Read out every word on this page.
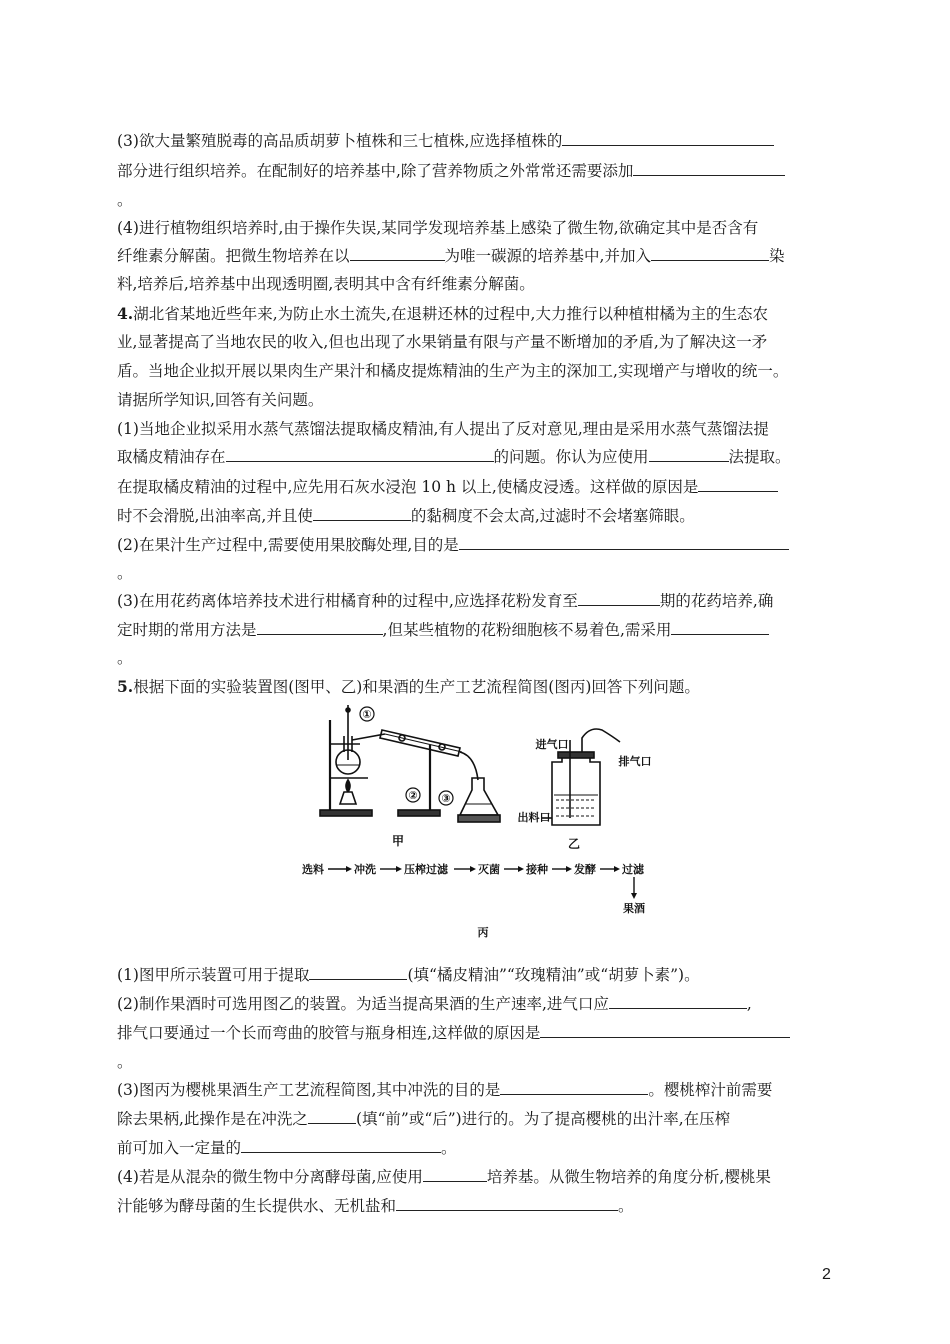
(3)欲大量繁殖脱毒的高品质胡萝卜植株和三七植株,应选择植株的
部分进行组织培养。在配制好的培养基中,除了营养物质之外常常还需要添加
。
(4)进行植物组织培养时,由于操作失误,某同学发现培养基上感染了微生物,欲确定其中是否含有
纤维素分解菌。把微生物培养在以	为唯一碳源的培养基中,并加入	染
料,培养后,培养基中出现透明圈,表明其中含有纤维素分解菌。
4.湖北省某地近些年来,为防止水土流失,在退耕还林的过程中,大力推行以种植柑橘为主的生态农
业,显著提高了当地农民的收入,但也出现了水果销量有限与产量不断增加的矛盾,为了解决这一矛
盾。当地企业拟开展以果肉生产果汁和橘皮提炼精油的生产为主的深加工,实现增产与增收的统一。
请据所学知识,回答有关问题。
(1)当地企业拟采用水蒸气蒸馏法提取橘皮精油,有人提出了反对意见,理由是采用水蒸气蒸馏法提
取橘皮精油存在	的问题。你认为应使用	法提取。
在提取橘皮精油的过程中,应先用石灰水浸泡 10 h 以上,使橘皮浸透。这样做的原因是
时不会滑脱,出油率高,并且使	的黏稠度不会太高,过滤时不会堵塞筛眼。
(2)在果汁生产过程中,需要使用果胶酶处理,目的是
。
(3)在用花药离体培养技术进行柑橘育种的过程中,应选择花粉发育至	期的花药培养,确
定时期的常用方法是	,但某些植物的花粉细胞核不易着色,需采用
。
5.根据下面的实验装置图(图甲、乙)和果酒的生产工艺流程简图(图丙)回答下列问题。
①
② ③
甲
进气口
排气口
出料口
乙
选料	冲洗	压榨过滤	灭菌 接种 发酵 过滤
果酒
丙
(1)图甲所示装置可用于提取	(填“橘皮精油”“玫瑰精油”或“胡萝卜素”)。
(2)制作果酒时可选用图乙的装置。为适当提高果酒的生产速率,进气口应	,
排气口要通过一个长而弯曲的胶管与瓶身相连,这样做的原因是
。
(3)图丙为樱桃果酒生产工艺流程简图,其中冲洗的目的是	。樱桃榨汁前需要
除去果柄,此操作是在冲洗之	(填“前”或“后”)进行的。为了提高樱桃的出汁率,在压榨
前可加入一定量的	。
(4)若是从混杂的微生物中分离酵母菌,应使用	培养基。从微生物培养的角度分析,樱桃果
汁能够为酵母菌的生长提供水、无机盐和	。
2
